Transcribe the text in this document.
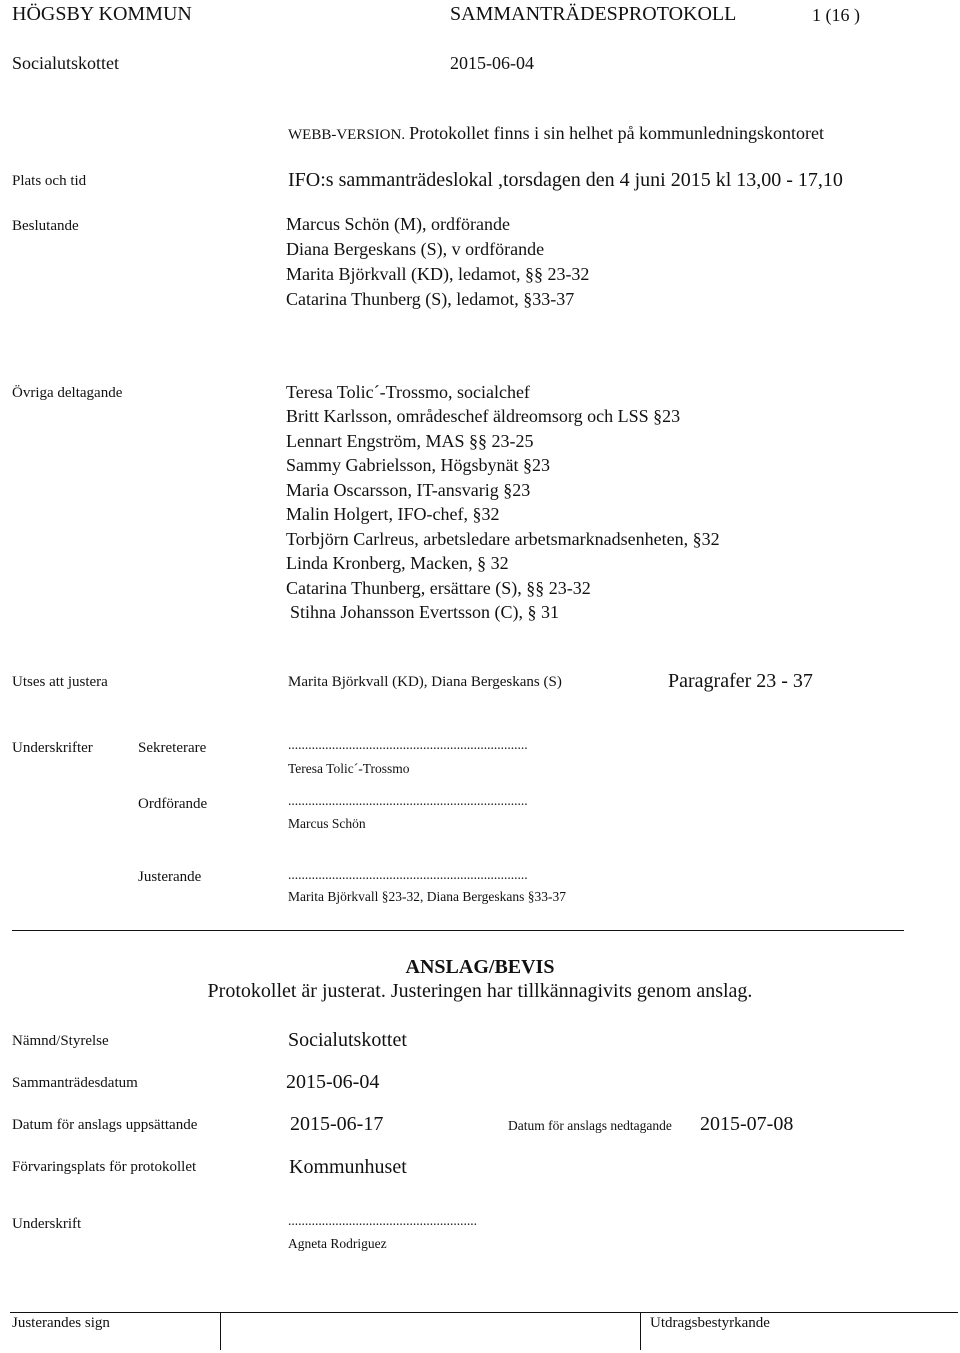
HÖGSBY KOMMUN	SAMMANTRÄDESPROTOKOLL	1 (16 )
Socialutskottet	2015-06-04
WEBB-VERSION. Protokollet finns i sin helhet på kommunledningskontoret
Plats och tid	IFO:s sammanträdeslokal ,torsdagen den 4 juni 2015 kl 13,00 - 17,10
Beslutande	Marcus Schön (M), ordförande
Diana Bergeskans (S), v ordförande
Marita Björkvall (KD), ledamot, §§ 23-32
Catarina Thunberg (S), ledamot, §33-37
Övriga deltagande	Teresa Tolic´-Trossmo, socialchef
Britt Karlsson, områdeschef äldreomsorg och LSS §23
Lennart Engström, MAS §§ 23-25
Sammy Gabrielsson, Högsbynät §23
Maria Oscarsson, IT-ansvarig §23
Malin Holgert, IFO-chef, §32
Torbjörn Carlreus, arbetsledare arbetsmarknadsenheten, §32
Linda Kronberg, Macken, § 32
Catarina Thunberg, ersättare (S), §§ 23-32
Stihna Johansson Evertsson (C), § 31
Utses att justera	Marita Björkvall (KD), Diana Bergeskans (S)	Paragrafer 23 - 37
Underskrifter	Sekreterare	.......................................................................
Teresa Tolic´-Trossmo
Ordförande	.......................................................................
Marcus Schön
Justerande	.......................................................................
Marita Björkvall §23-32, Diana Bergeskans §33-37
ANSLAG/BEVIS
Protokollet är justerat. Justeringen har tillkännagivits genom anslag.
Nämnd/Styrelse	Socialutskottet
Sammanträdesdatum	2015-06-04
Datum för anslags uppsättande	2015-06-17	Datum för anslags nedtagande 2015-07-08
Förvaringsplats för protokollet	Kommunhuset
Underskrift	........................................................
Agneta Rodriguez
Justerandes sign	Utdragsbestyrkande
